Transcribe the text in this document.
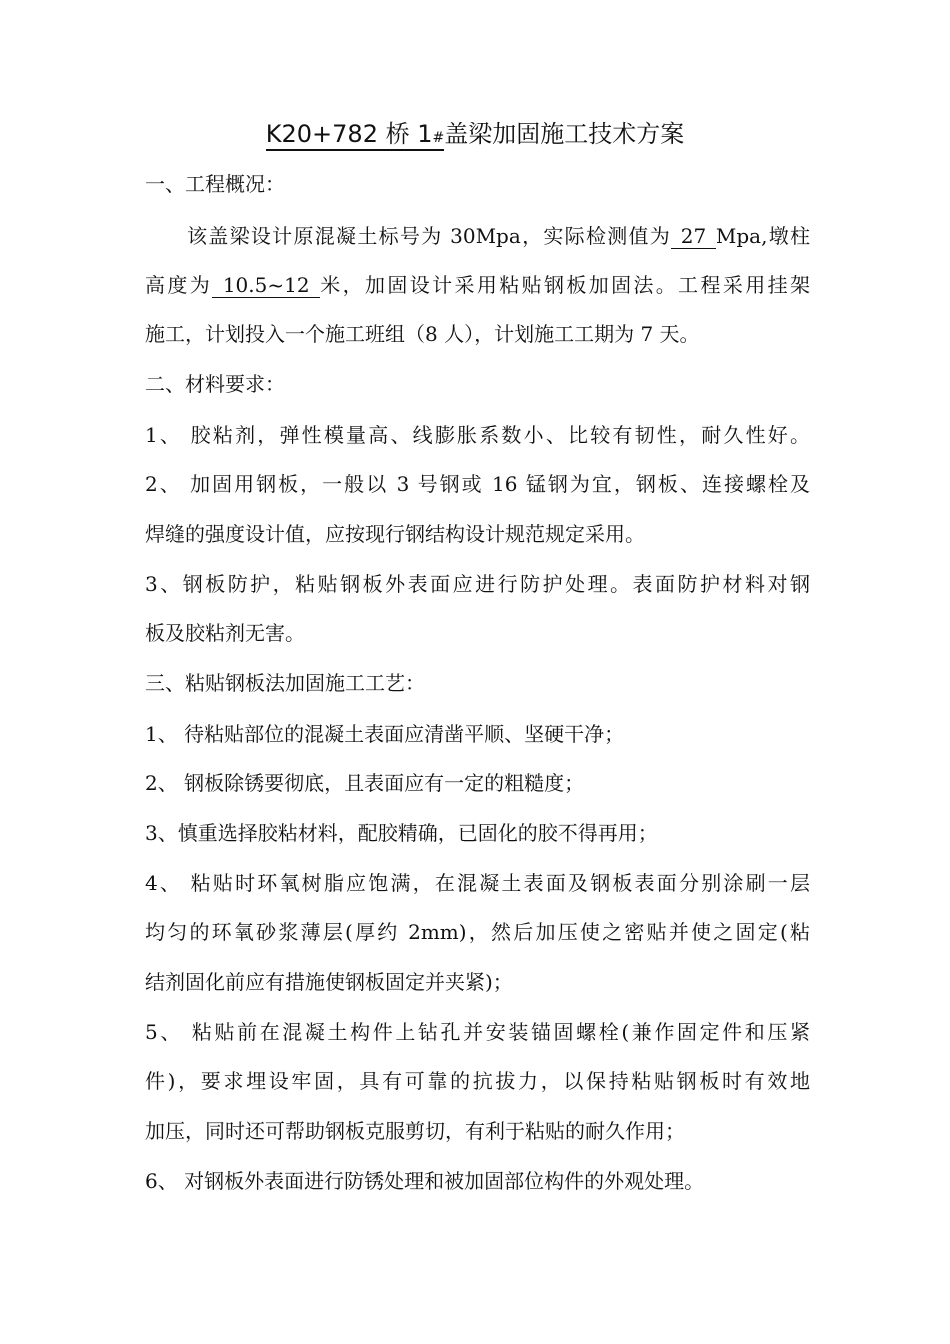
K20+782 桥 1#盖梁加固施工技术方案
一、工程概况：
该盖梁设计原混凝土标号为 30Mpa，实际检测值为 27 Mpa,墩柱
高度为 10.5~12 米，加固设计采用粘贴钢板加固法。工程采用挂架
施工，计划投入一个施工班组（8 人），计划施工工期为 7 天。
二、材料要求：
1、 胶粘剂，弹性模量高、线膨胀系数小、比较有韧性，耐久性好。
2、 加固用钢板，一般以 3 号钢或 16 锰钢为宜，钢板、连接螺栓及
焊缝的强度设计值，应按现行钢结构设计规范规定采用。
3、钢板防护，粘贴钢板外表面应进行防护处理。表面防护材料对钢
板及胶粘剂无害。
三、粘贴钢板法加固施工工艺：
1、 待粘贴部位的混凝土表面应清凿平顺、坚硬干净；
2、 钢板除锈要彻底，且表面应有一定的粗糙度；
3、慎重选择胶粘材料，配胶精确，已固化的胶不得再用；
4、 粘贴时环氧树脂应饱满，在混凝土表面及钢板表面分别涂刷一层
均匀的环氧砂浆薄层(厚约 2mm)，然后加压使之密贴并使之固定(粘
结剂固化前应有措施使钢板固定并夹紧)；
5、 粘贴前在混凝土构件上钻孔并安装锚固螺栓(兼作固定件和压紧
件)，要求埋设牢固，具有可靠的抗拔力，以保持粘贴钢板时有效地
加压，同时还可帮助钢板克服剪切，有利于粘贴的耐久作用；
6、 对钢板外表面进行防锈处理和被加固部位构件的外观处理。
